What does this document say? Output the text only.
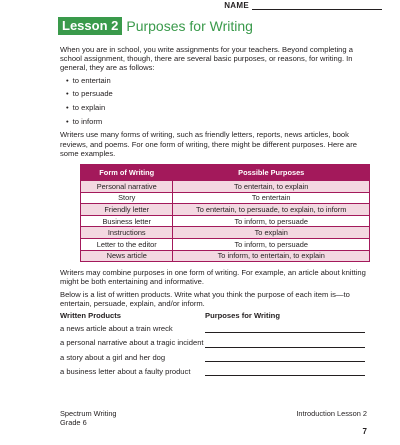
NAME
Lesson 2 Purposes for Writing

When you are in school, you write assignments for your teachers. Beyond completing a school assignment, though, there are several basic purposes, or reasons, for writing. In general, they are as follows:

• to entertain
• to persuade
• to explain
• to inform

Writers use many forms of writing, such as friendly letters, reports, news articles, book reviews, and poems. For one form of writing, there might be different purposes. Here are some examples.

Form of Writing	Possible Purposes
Personal narrative	To entertain, to explain
Story	To entertain
Friendly letter	To entertain, to persuade, to explain, to inform
Business letter	To inform, to persuade
Instructions	To explain
Letter to the editor	To inform, to persuade
News article	To inform, to entertain, to explain

Writers may combine purposes in one form of writing. For example, an article about knitting might be both entertaining and informative.

Below is a list of written products. Write what you think the purpose of each item is—to entertain, persuade, explain, and/or inform.

Written Products	Purposes for Writing
a news article about a train wreck
a personal narrative about a tragic incident
a story about a girl and her dog
a business letter about a faulty product
Spectrum Writing
Grade 6
Introduction Lesson 2
7
